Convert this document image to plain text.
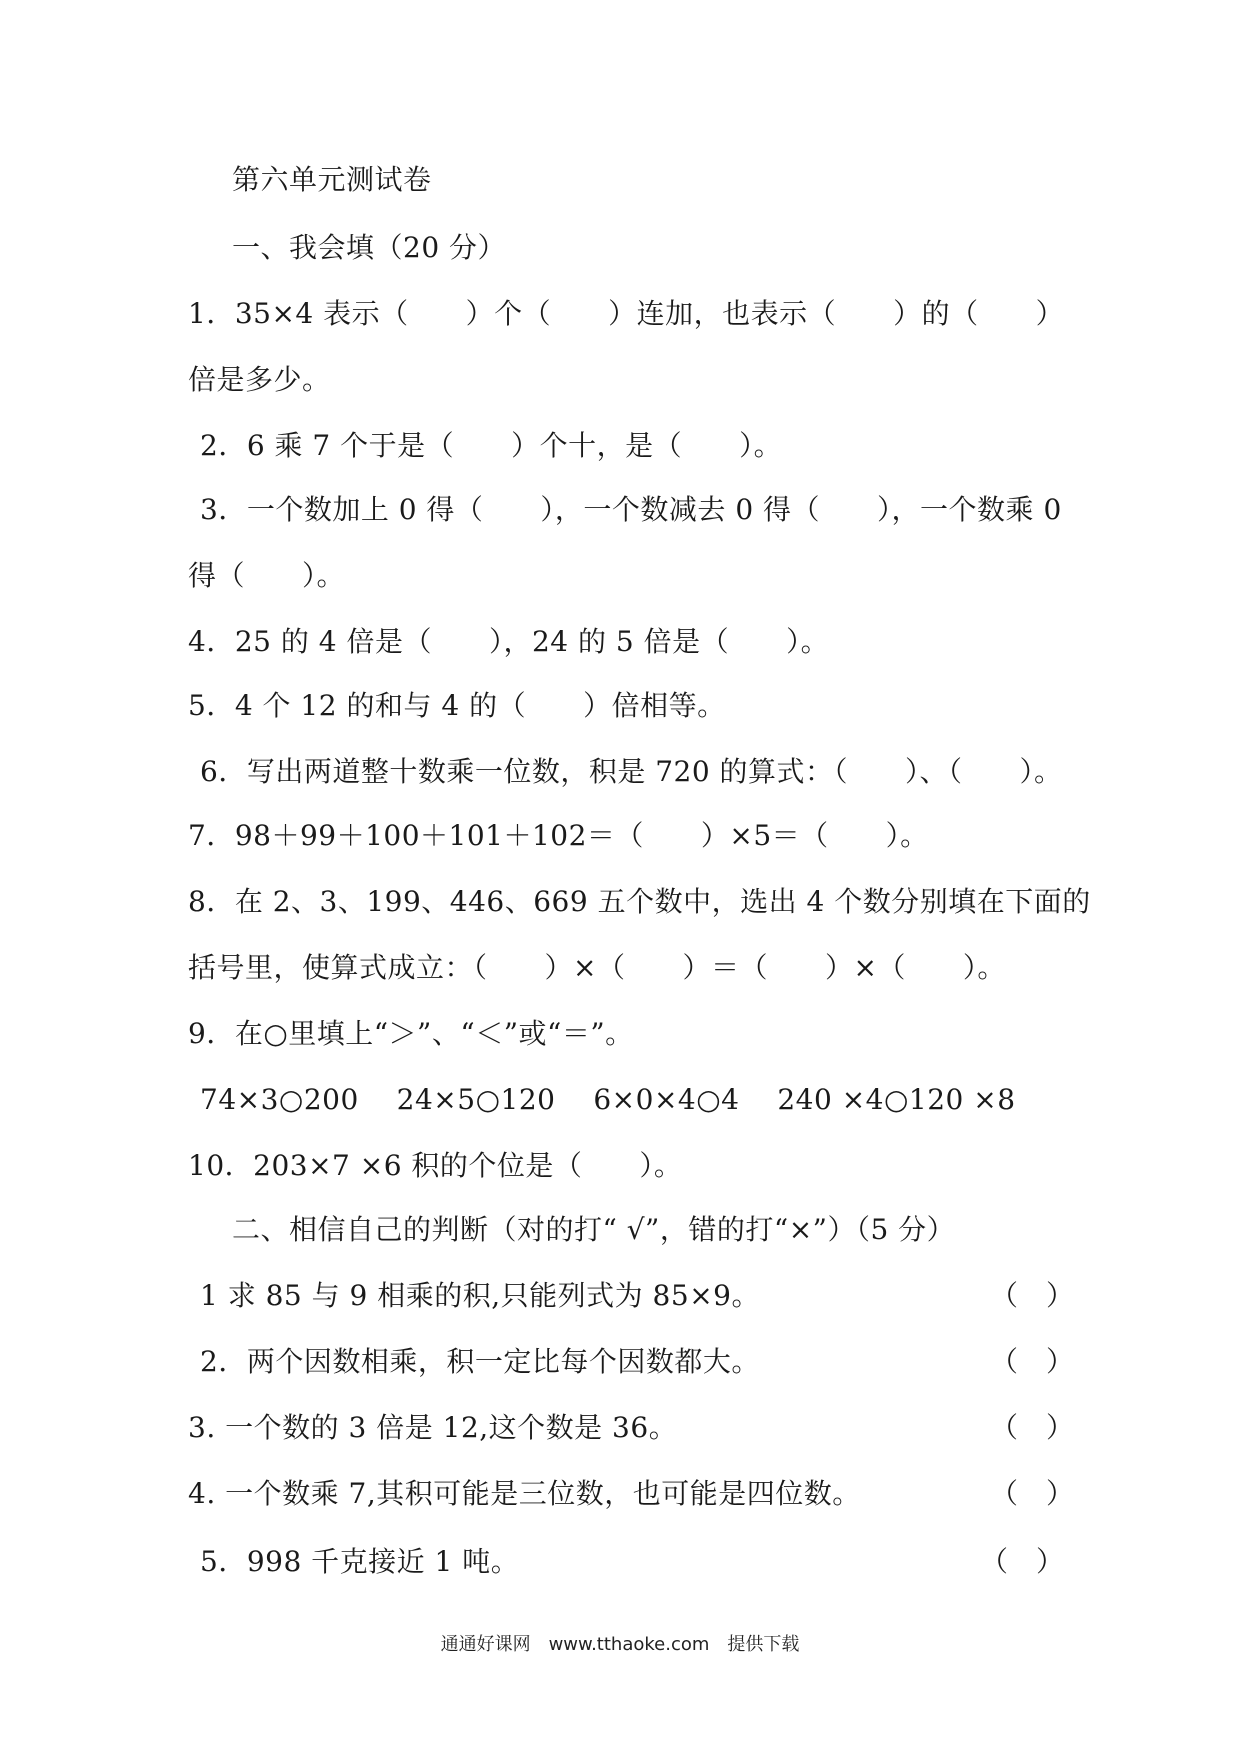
第六单元测试卷
一、我会填（20 分）
1．35×4 表示（　　）个（　　）连加，也表示（　　）的（　　）
倍是多少。
2．6 乘 7 个于是（　　）个十，是（　　）。
3．一个数加上 0 得（　　），一个数减去 0 得（　　），一个数乘 0
得（　　）。
4．25 的 4 倍是（　　），24 的 5 倍是（　　）。
5．4 个 12 的和与 4 的（　　）倍相等。
6．写出两道整十数乘一位数，积是 720 的算式：（　　）、（　　）。
7．98＋99＋100＋101＋102＝（　　）×5＝（　　）。
8．在 2、3、199、446、669 五个数中，选出 4 个数分别填在下面的
括号里，使算式成立：（　　）×（　　）＝（　　）×（　　）。
9．在○里填上“＞”、“＜”或“＝”。
74×3○200　 24×5○120　 6×0×4○4　 240 ×4○120 ×8
10．203×7 ×6 积的个位是（　　）。
二、相信自己的判断（对的打“ √”，错的打“×”）（5 分）
1 求 85 与 9 相乘的积,只能列式为 85×9。	（　）
2．两个因数相乘，积一定比每个因数都大。	（　）
3. 一个数的 3 倍是 12,这个数是 36。	（　）
4. 一个数乘 7,其积可能是三位数，也可能是四位数。	（　）
5．998 千克接近 1 吨。	（　）
通通好课网　www.tthaoke.com　提供下载
